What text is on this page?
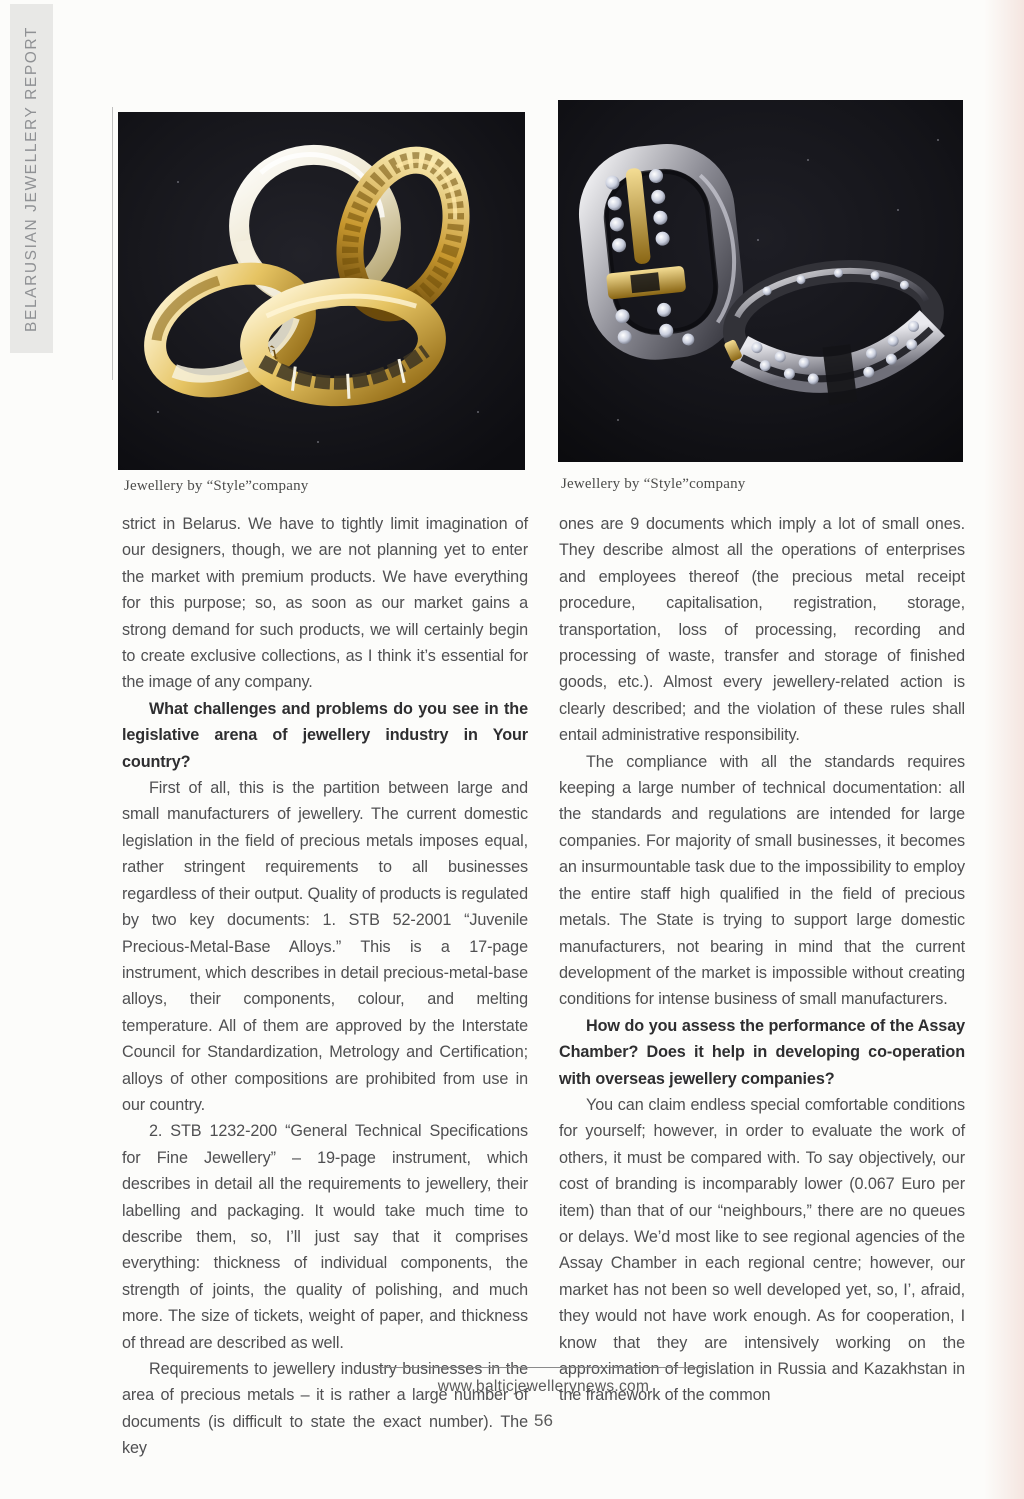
BELARUSIAN JEWELLERY REPORT
e dì
Jewellery by “Style”company	Jewellery by “Style”company

strict in Belarus. We have to tightly limit imagination of our designers, though, we are not planning yet to enter the market with premium products. We have everything for this purpose; so, as soon as our market gains a strong demand for such products, we will certainly begin to create exclusive collections, as I think it’s essential for the image of any company.

What challenges and problems do you see in the legislative arena of jewellery industry in Your country?

First of all, this is the partition between large and small manufacturers of jewellery. The current domestic legislation in the field of precious metals imposes equal, rather stringent requirements to all businesses regardless of their output. Quality of products is regulated by two key documents: 1. STB 52-2001 “Juvenile Precious-Metal-Base Alloys.” This is a 17-page instrument, which describes in detail precious-metal-base alloys, their components, colour, and melting temperature. All of them are approved by the Interstate Council for Standardization, Metrology and Certification; alloys of other compositions are prohibited from use in our country.

2. STB 1232-200 “General Technical Specifications for Fine Jewellery” – 19-page instrument, which describes in detail all the requirements to jewellery, their labelling and packaging. It would take much time to describe them, so, I’ll just say that it comprises everything: thickness of individual components, the strength of joints, the quality of polishing, and much more. The size of tickets, weight of paper, and thickness of thread are described as well.

Requirements to jewellery industry businesses in the area of precious metals – it is rather a large number of documents (is difficult to state the exact number). The key

ones are 9 documents which imply a lot of small ones. They describe almost all the operations of enterprises and employees thereof (the precious metal receipt procedure, capitalisation, registration, storage, transportation, loss of processing, recording and processing of waste, transfer and storage of finished goods, etc.). Almost every jewellery-related action is clearly described; and the violation of these rules shall entail administrative responsibility.

The compliance with all the standards requires keeping a large number of technical documentation: all the standards and regulations are intended for large companies. For majority of small businesses, it becomes an insurmountable task due to the impossibility to employ the entire staff high qualified in the field of precious metals. The State is trying to support large domestic manufacturers, not bearing in mind that the current development of the market is impossible without creating conditions for intense business of small manufacturers.

How do you assess the performance of the Assay Chamber? Does it help in developing co-operation with overseas jewellery companies?

You can claim endless special comfortable conditions for yourself; however, in order to evaluate the work of others, it must be compared with. To say objectively, our cost of branding is incomparably lower (0.067 Euro per item) than that of our “neighbours,” there are no queues or delays. We’d most like to see regional agencies of the Assay Chamber in each regional centre; however, our market has not been so well developed yet, so, I’, afraid, they would not have work enough. As for cooperation, I know that they are intensively working on the approximation of legislation in Russia and Kazakhstan in the framework of the common

www.balticjewellerynews.com
56
